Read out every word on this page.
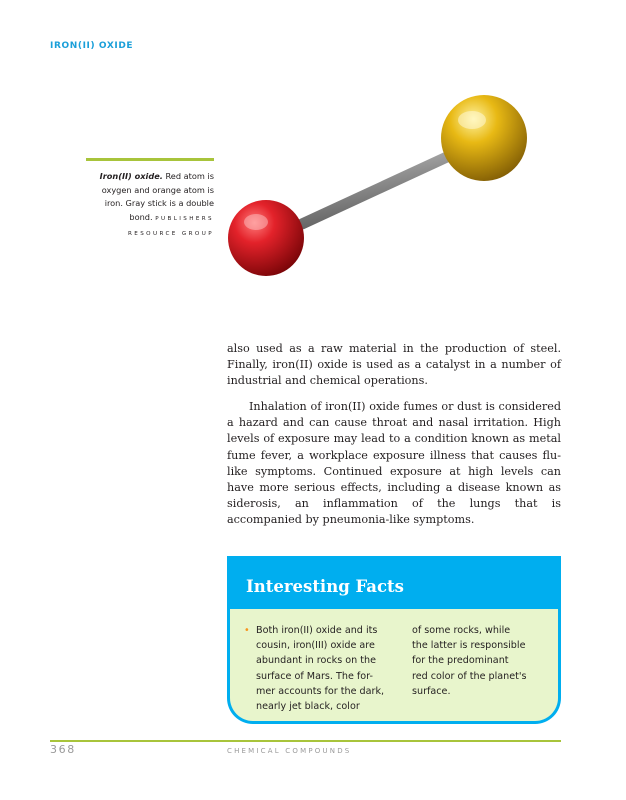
IRON(II) OXIDE
Iron(II) oxide. Red atom is oxygen and orange atom is iron. Gray stick is a double bond. PUBLISHERS RESOURCE GROUP

also used as a raw material in the production of steel. Finally, iron(II) oxide is used as a catalyst in a number of industrial and chemical operations.

Inhalation of iron(II) oxide fumes or dust is considered a hazard and can cause throat and nasal irritation. High levels of exposure may lead to a condition known as metal fume fever, a workplace exposure illness that causes flu-like symptoms. Continued exposure at high levels can have more serious effects, including a disease known as siderosis, an inflammation of the lungs that is accompanied by pneumonia-like symptoms.

Interesting Facts
• Both iron(II) oxide and its
cousin, iron(III) oxide are
abundant in rocks on the
surface of Mars. The for-
mer accounts for the dark,
nearly jet black, color
of some rocks, while
the latter is responsible
for the predominant
red color of the planet's
surface.
368	CHEMICAL COMPOUNDS
